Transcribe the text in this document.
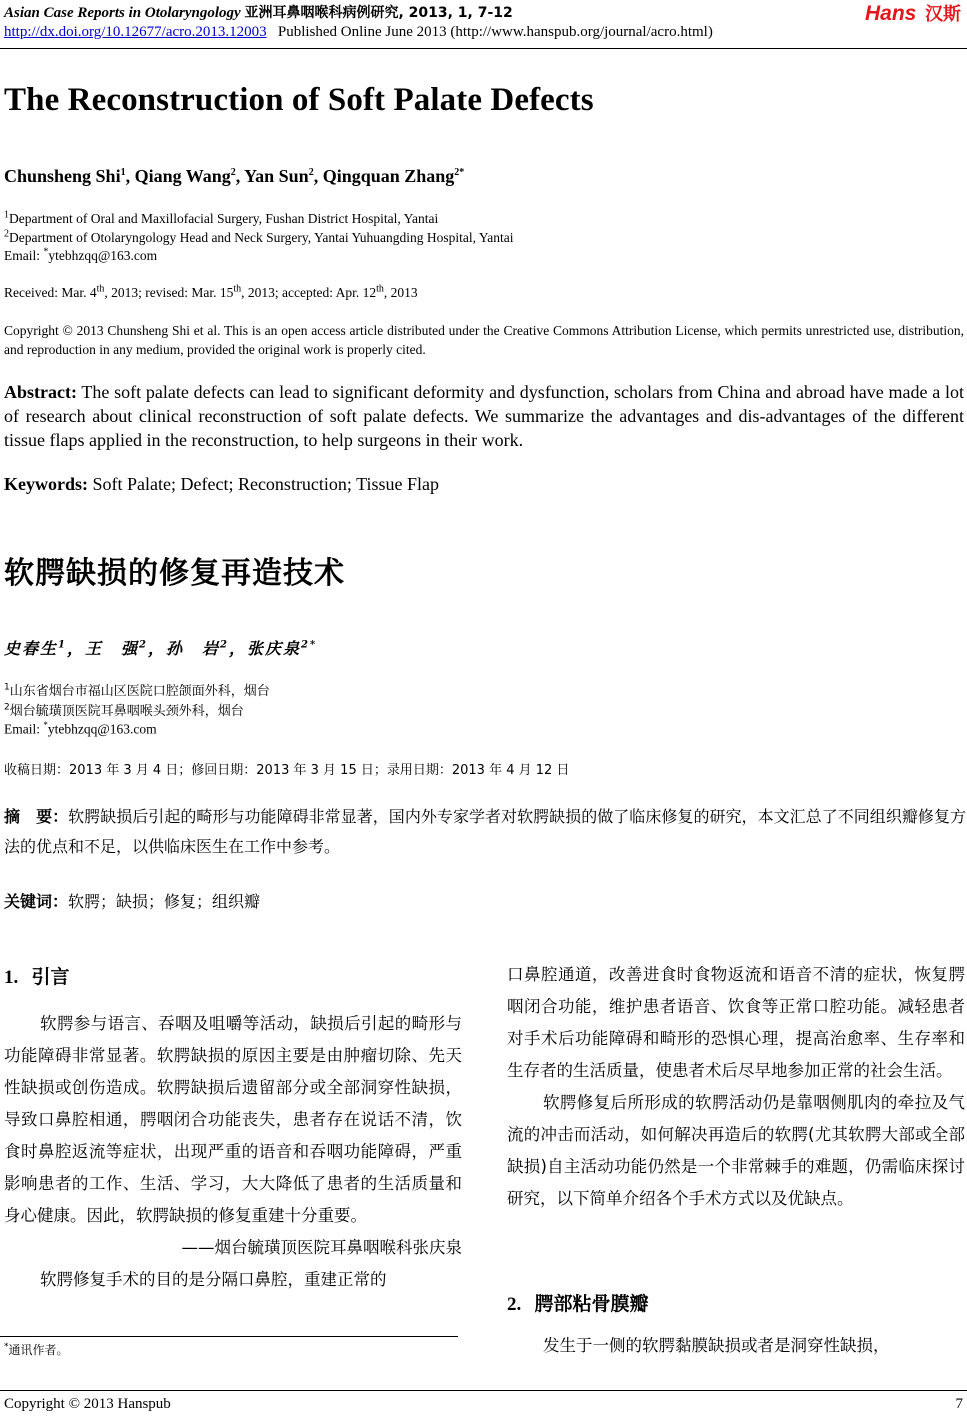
Asian Case Reports in Otolaryngology 亚洲耳鼻咽喉科病例研究, 2013, 1, 7-12
http://dx.doi.org/10.12677/acro.2013.12003 Published Online June 2013 (http://www.hanspub.org/journal/acro.html)
Hans 汉斯
The Reconstruction of Soft Palate Defects
Chunsheng Shi$^1$, Qiang Wang$^2$, Yan Sun$^2$, Qingquan Zhang$^{2*}$
$^1$Department of Oral and Maxillofacial Surgery, Fushan District Hospital, Yantai
$^2$Department of Otolaryngology Head and Neck Surgery, Yantai Yuhuangding Hospital, Yantai
Email: *ytebhzqq@163.com
Received: Mar. 4th, 2013; revised: Mar. 15th, 2013; accepted: Apr. 12th, 2013
Copyright © 2013 Chunsheng Shi et al. This is an open access article distributed under the Creative Commons Attribution License, which permits unrestricted use, distribution, and reproduction in any medium, provided the original work is properly cited.
Abstract: The soft palate defects can lead to significant deformity and dysfunction, scholars from China and abroad have made a lot of research about clinical reconstruction of soft palate defects. We summarize the advantages and dis-advantages of the different tissue flaps applied in the reconstruction, to help surgeons in their work.
Keywords: Soft Palate; Defect; Reconstruction; Tissue Flap
软腭缺损的修复再造技术
史春生$^1$，王　强$^2$，孙　岩$^2$，张庆泉$^{2*}$
$^1$山东省烟台市福山区医院口腔颌面外科，烟台
$^2$烟台毓璜顶医院耳鼻咽喉头颈外科，烟台
Email: *ytebhzqq@163.com
收稿日期：2013 年 3 月 4 日；修回日期：2013 年 3 月 15 日；录用日期：2013 年 4 月 12 日
摘　要：软腭缺损后引起的畸形与功能障碍非常显著，国内外专家学者对软腭缺损的做了临床修复的研究，本文汇总了不同组织瓣修复方法的优点和不足，以供临床医生在工作中参考。
关键词：软腭；缺损；修复；组织瓣
1. 引言

软腭参与语言、吞咽及咀嚼等活动，缺损后引起的畸形与功能障碍非常显著。软腭缺损的原因主要是由肿瘤切除、先天性缺损或创伤造成。软腭缺损后遗留部分或全部洞穿性缺损，导致口鼻腔相通，腭咽闭合功能丧失，患者存在说话不清，饮食时鼻腔返流等症状，出现严重的语音和吞咽功能障碍，严重影响患者的工作、生活、学习，大大降低了患者的生活质量和身心健康。因此，软腭缺损的修复重建十分重要。

——烟台毓璜顶医院耳鼻咽喉科张庆泉

软腭修复手术的目的是分隔口鼻腔，重建正常的

*通讯作者。

口鼻腔通道，改善进食时食物返流和语音不清的症状，恢复腭咽闭合功能，维护患者语音、饮食等正常口腔功能。减轻患者对手术后功能障碍和畸形的恐惧心理，提高治愈率、生存率和生存者的生活质量，使患者术后尽早地参加正常的社会生活。

软腭修复后所形成的软腭活动仍是靠咽侧肌肉的牵拉及气流的冲击而活动，如何解决再造后的软腭(尤其软腭大部或全部缺损)自主活动功能仍然是一个非常棘手的难题，仍需临床探讨研究，以下简单介绍各个手术方式以及优缺点。

2. 腭部粘骨膜瓣

发生于一侧的软腭黏膜缺损或者是洞穿性缺损，

Copyright © 2013 Hanspub	7
